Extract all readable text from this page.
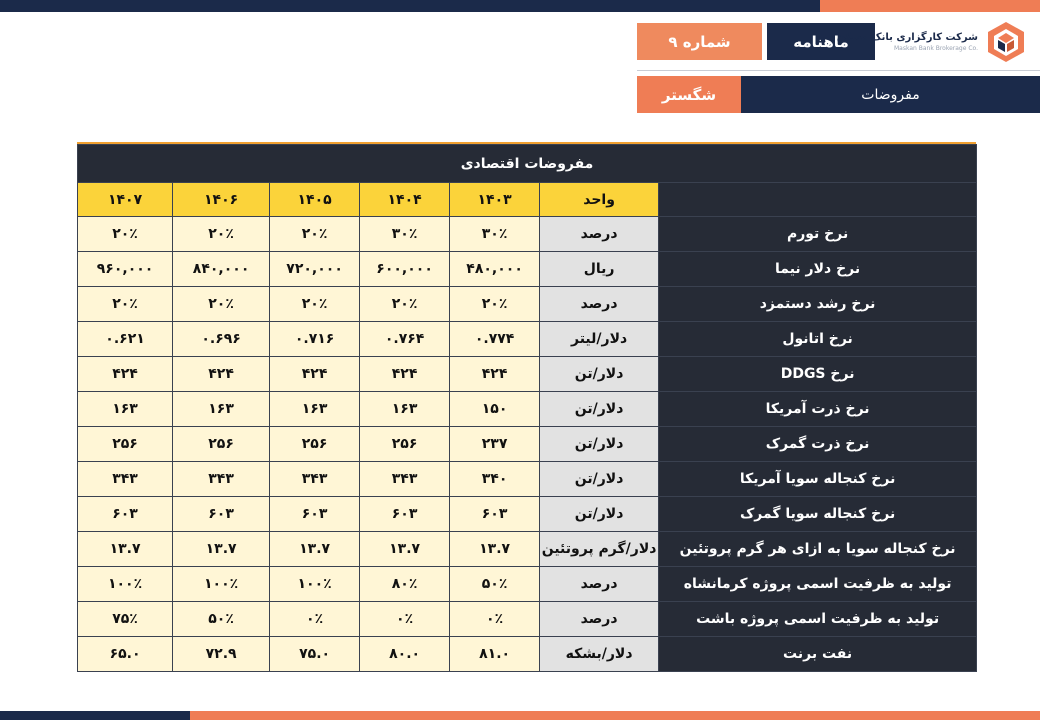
شماره ۹	ماهنامه
شرکت کارگزاری بانک مسکن
Maskan Bank Brokerage Co.
شگستر	مفروضات
مفروضات اقتصادی						
	واحد	۱۴۰۳	۱۴۰۴	۱۴۰۵	۱۴۰۶	۱۴۰۷
نرخ تورم	درصد	۳۰٪	۳۰٪	۲۰٪	۲۰٪	۲۰٪
نرخ دلار نیما	ریال	۴۸۰,۰۰۰	۶۰۰,۰۰۰	۷۲۰,۰۰۰	۸۴۰,۰۰۰	۹۶۰,۰۰۰
نرخ رشد دستمزد	درصد	۲۰٪	۲۰٪	۲۰٪	۲۰٪	۲۰٪
نرخ اتانول	دلار/لیتر	۰.۷۷۴	۰.۷۶۴	۰.۷۱۶	۰.۶۹۶	۰.۶۲۱
نرخ DDGS	دلار/تن	۴۲۴	۴۲۴	۴۲۴	۴۲۴	۴۲۴
نرخ ذرت آمریکا	دلار/تن	۱۵۰	۱۶۳	۱۶۳	۱۶۳	۱۶۳
نرخ ذرت گمرک	دلار/تن	۲۳۷	۲۵۶	۲۵۶	۲۵۶	۲۵۶
نرخ کنجاله سویا آمریکا	دلار/تن	۳۴۰	۳۴۳	۳۴۳	۳۴۳	۳۴۳
نرخ کنجاله سویا گمرک	دلار/تن	۶۰۳	۶۰۳	۶۰۳	۶۰۳	۶۰۳
نرخ کنجاله سویا به ازای هر گرم پروتئین	دلار/گرم پروتئین	۱۳.۷	۱۳.۷	۱۳.۷	۱۳.۷	۱۳.۷
تولید به ظرفیت اسمی پروژه کرمانشاه	درصد	۵۰٪	۸۰٪	۱۰۰٪	۱۰۰٪	۱۰۰٪
تولید به ظرفیت اسمی پروژه باشت	درصد	۰٪	۰٪	۰٪	۵۰٪	۷۵٪
نفت برنت	دلار/بشکه	۸۱.۰	۸۰.۰	۷۵.۰	۷۲.۹	۶۵.۰
